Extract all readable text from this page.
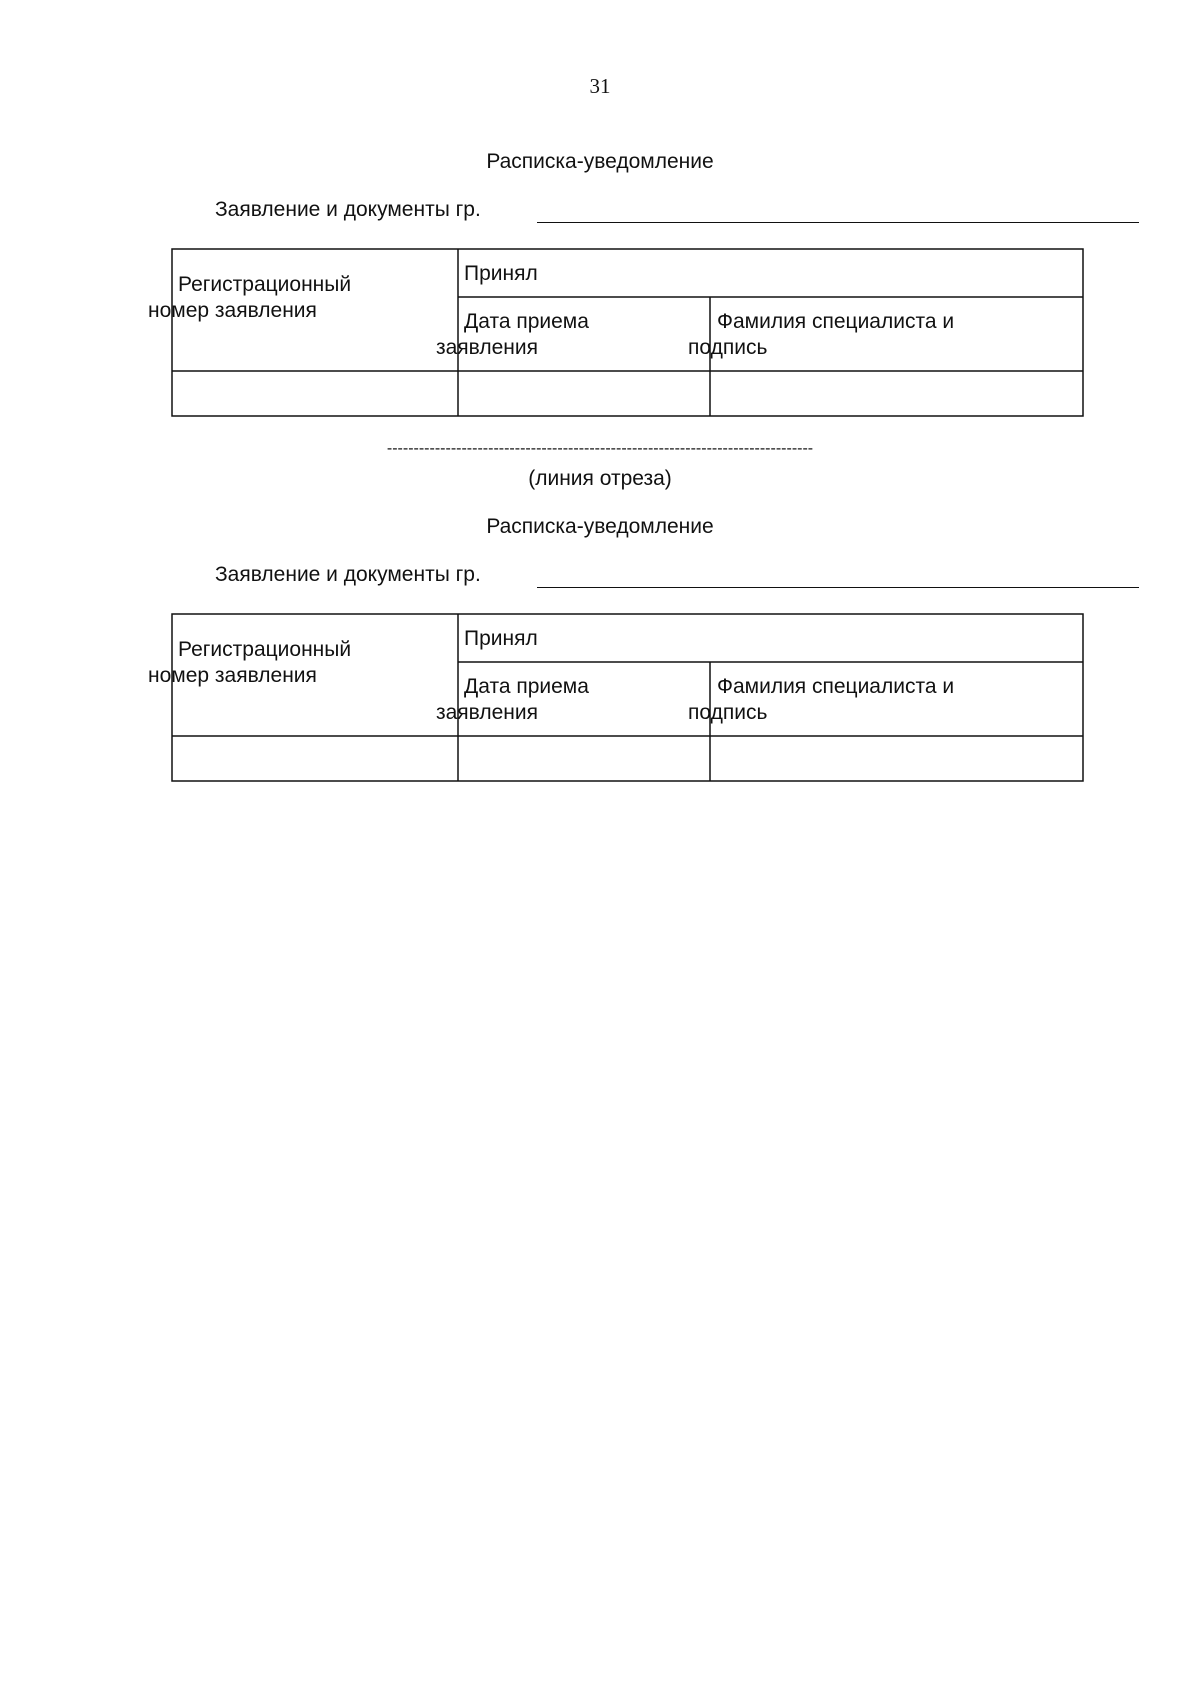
31
Расписка-уведомление
Заявление и документы гр.
Регистрационный
номер заявления
Принял
Дата приема
заявления
Фамилия специалиста и
подпись
--------------------------------------------------------------------------------
(линия отреза)
Расписка-уведомление
Заявление и документы гр.
Регистрационный
номер заявления
Принял
Дата приема
заявления
Фамилия специалиста и
подпись
